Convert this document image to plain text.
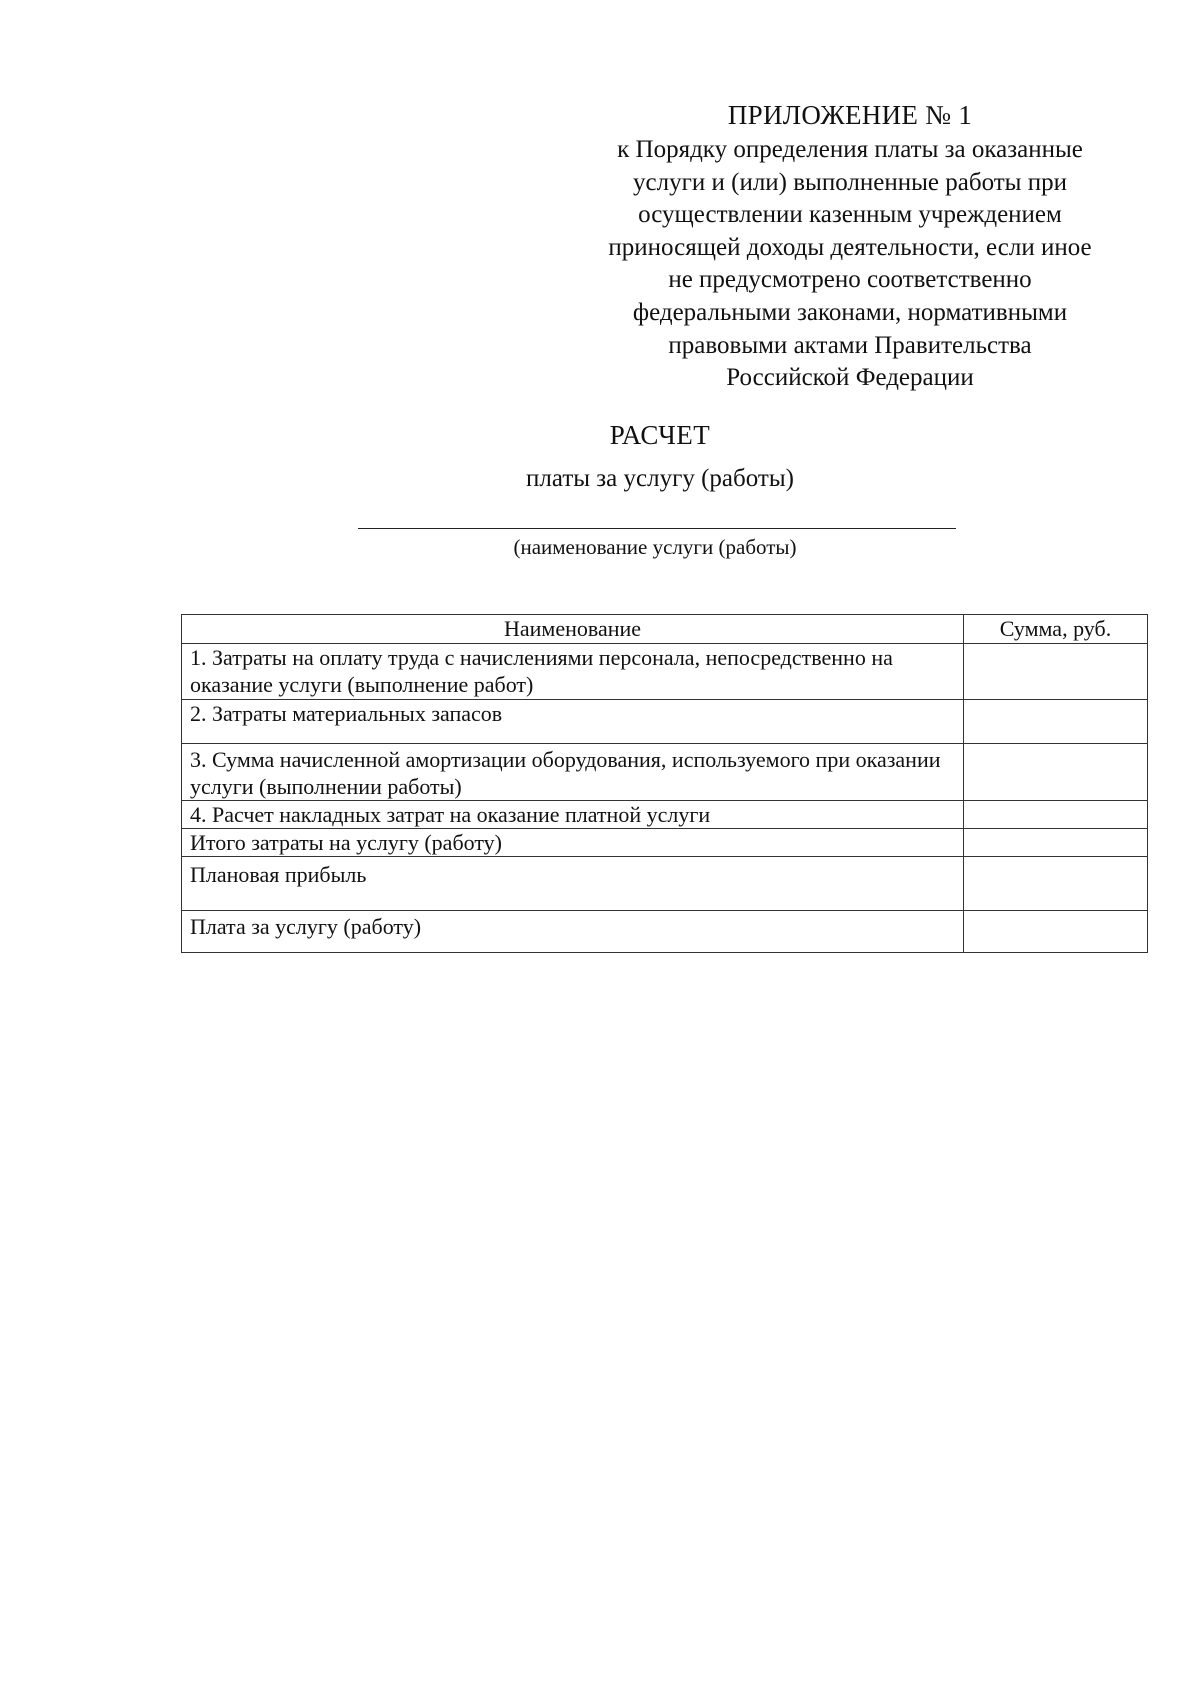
ПРИЛОЖЕНИЕ № 1

к Порядку определения платы за оказанные

услуги и (или) выполненные работы при

осуществлении казенным учреждением

приносящей доходы деятельности, если иное

не предусмотрено соответственно

федеральными законами, нормативными

правовыми актами Правительства

Российской Федерации

РАСЧЕТ
платы за услугу (работы)
(наименование услуги (работы)
Наименование	Сумма, руб.
1. Затраты на оплату труда с начислениями персонала, непосредственно на оказание услуги (выполнение работ)	
2. Затраты материальных запасов	
3. Сумма начисленной амортизации оборудования, используемого при оказании услуги (выполнении работы)	
4. Расчет накладных затрат на оказание платной услуги	
Итого затраты на услугу (работу)	
Плановая прибыль	
Плата за услугу (работу)	
